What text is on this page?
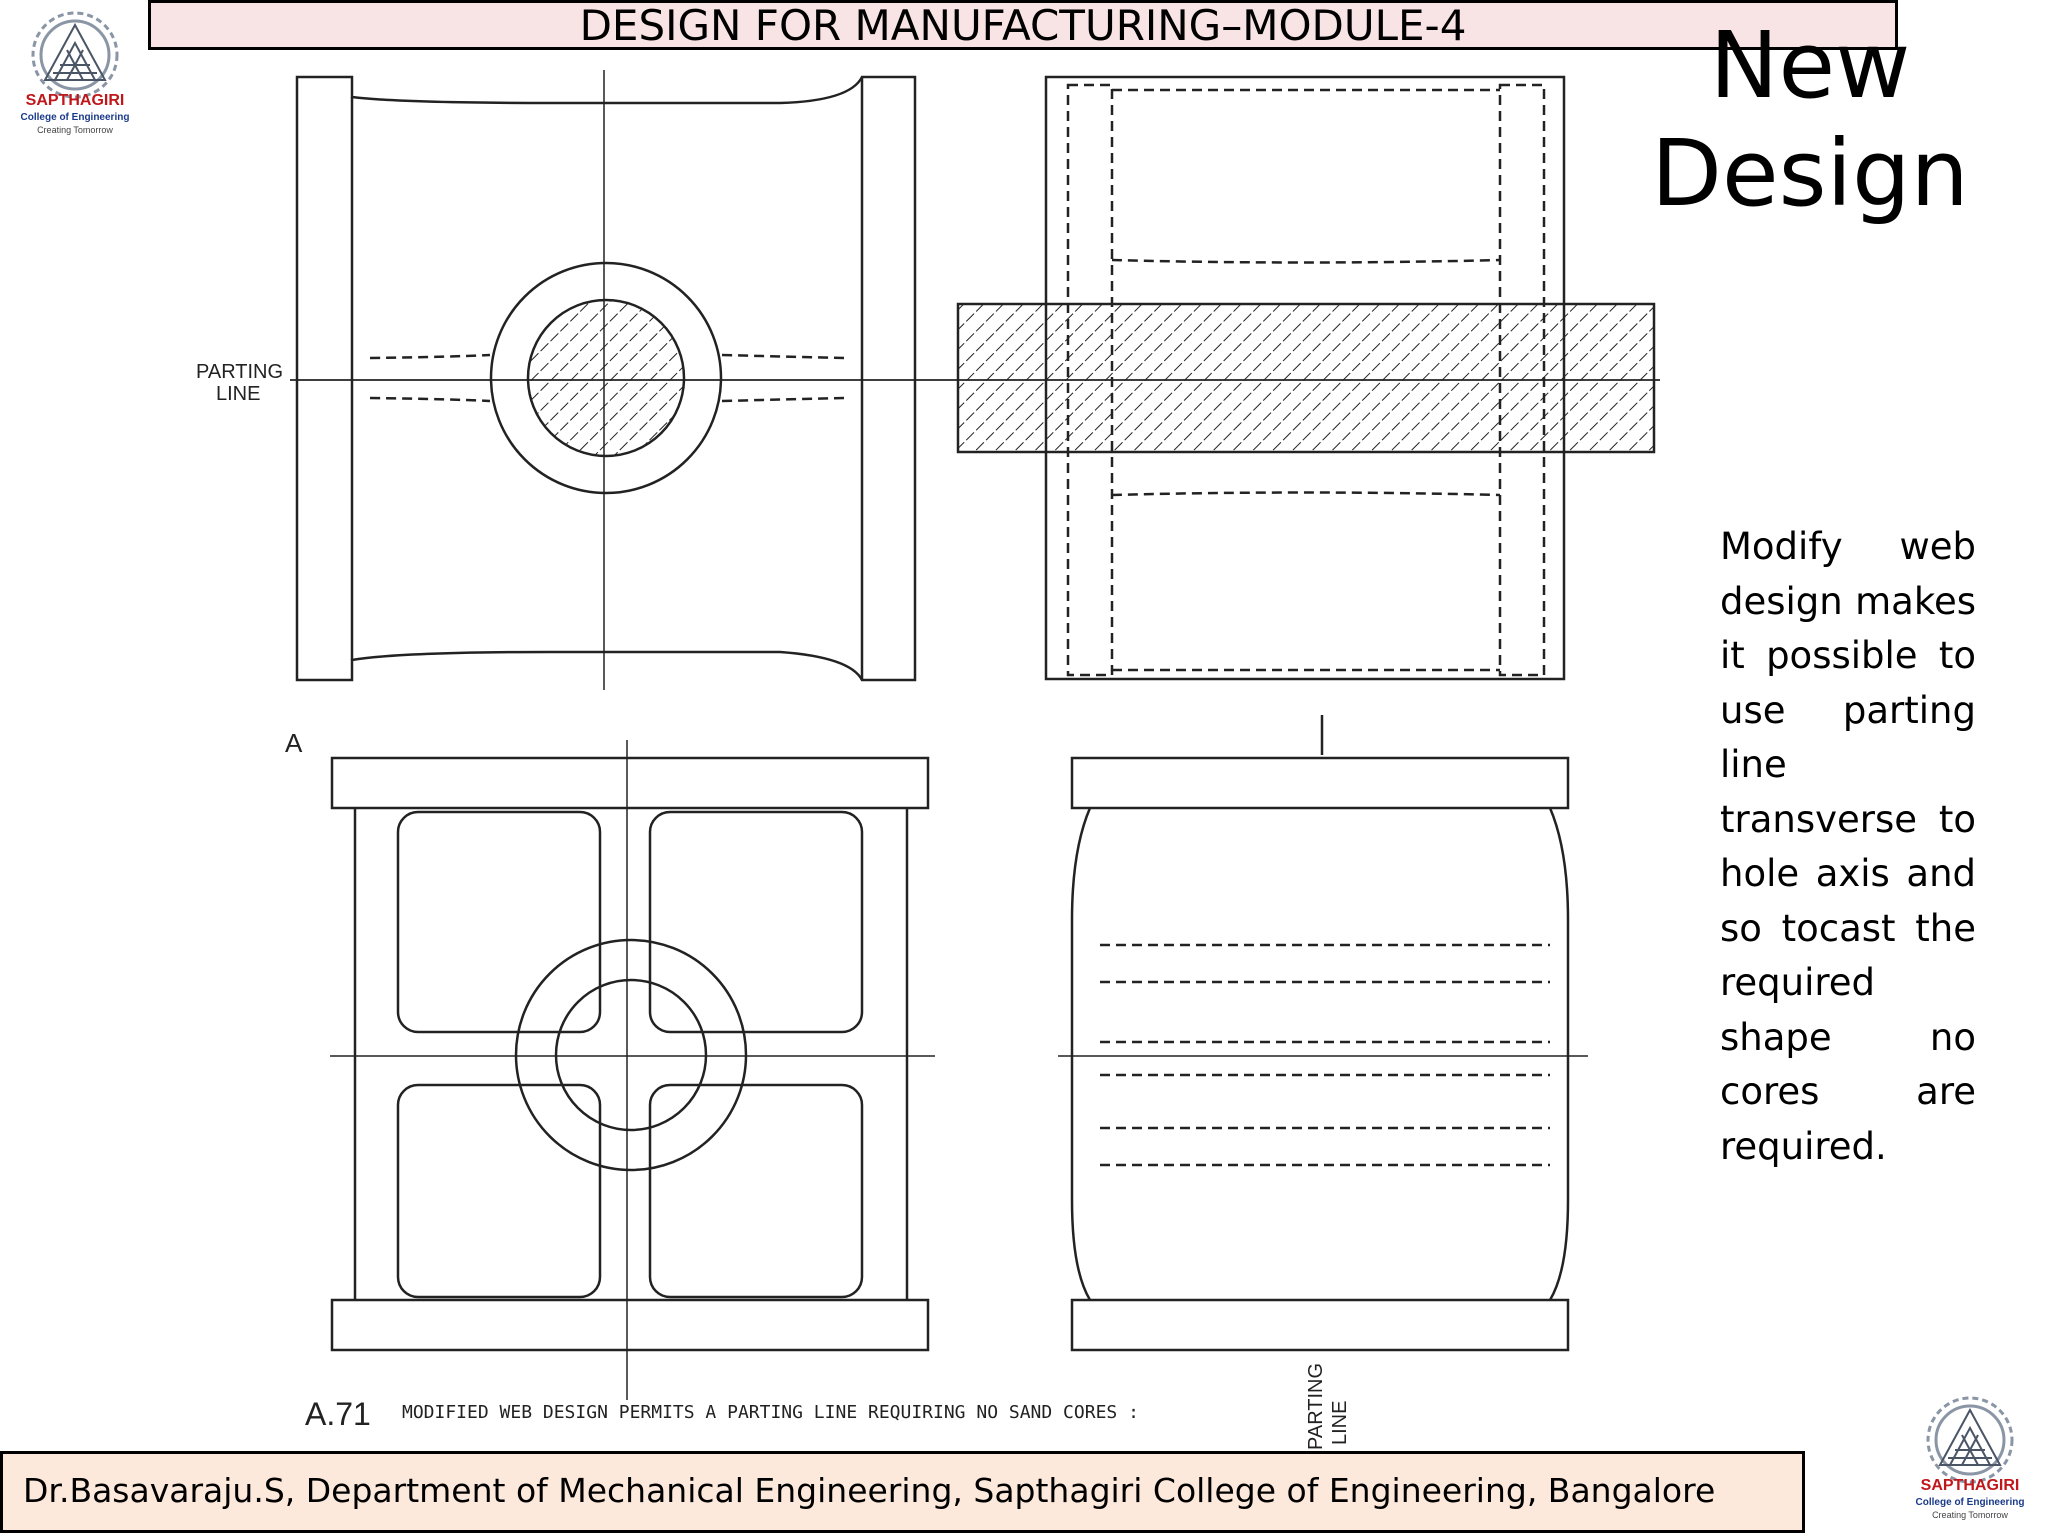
DESIGN FOR MANUFACTURING–MODULE-4
SAPTHAGIRI
College of Engineering
Creating Tomorrow
SAPTHAGIRI
College of Engineering
Creating Tomorrow
New Design
Modify web design makes it possible to use parting line transverse to hole axis and so tocast the required shape no cores are required.
PARTING
LINE
A
A.71 MODIFIED WEB DESIGN PERMITS A PARTING LINE REQUIRING NO SAND CORES :	PARTING LINE
Dr.Basavaraju.S, Department of Mechanical Engineering, Sapthagiri College of Engineering, Bangalore
